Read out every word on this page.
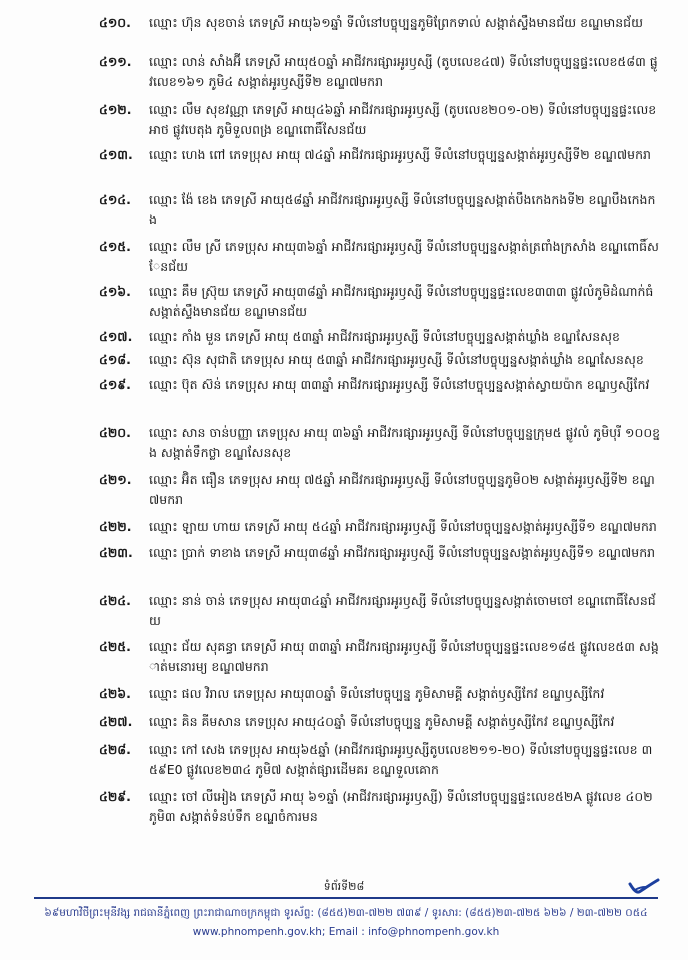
៤១០.	ឈ្មោះ ហ៊ុន សុខចាន់ ភេទស្រី អាយុ៦១ឆ្នាំ ទីលំនៅបច្ចុប្បន្នភូមិព្រែកទាល់ សង្កាត់ស្ទឹងមានជ័យ ខណ្ឌមានជ័យ
៤១១.	ឈ្មោះ លាន់ សាំងអ៊ី ភេទស្រី អាយុ៥០ឆ្នាំ អាជីវករផ្សារអូរឫស្សី (តូបលេខ៤៧) ទីលំនៅបច្ចុប្បន្នផ្ទះលេខ៥៨៣ ផ្លូវលេខ១៦១ ភូមិ៤ សង្កាត់អូរឫស្សីទី២ ខណ្ឌ៧មករា
៤១២.	ឈ្មោះ លឹម សុខវណ្ណា ភេទស្រី អាយុ៤៦ឆ្នាំ អាជីវករផ្សារអូរឫស្សី (តូបលេខ២០១-០២) ទីលំនៅបច្ចុប្បន្នផ្ទះលេខ អាថ ផ្លូវបេតុង ភូមិទួលពង្រ ខណ្ឌពោធិ៍សែនជ័យ
៤១៣.	ឈ្មោះ ហេង ពៅ ភេទប្រុស អាយុ ៧៤ឆ្នាំ អាជីវករផ្សារអូរឫស្សី ទីលំនៅបច្ចុប្បន្នសង្កាត់អូរឫស្សីទី២ ខណ្ឌ៧មករា
៤១៤.	ឈ្មោះ ង៉ែ ខេង ភេទស្រី អាយុ៥៨ឆ្នាំ អាជីវករផ្សារអូរឫស្សី ទីលំនៅបច្ចុប្បន្នសង្កាត់បឹងកេងកងទី២ ខណ្ឌបឹងកេងកង
៤១៥.	ឈ្មោះ លឹម ស្រី ភេទប្រុស អាយុ៣៦ឆ្នាំ អាជីវករផ្សារអូរឫស្សី ទីលំនៅបច្ចុប្បន្នសង្កាត់ត្រពាំងក្រសាំង ខណ្ឌពោធិ៍សែនជ័យ
៤១៦.	ឈ្មោះ គឹម ស្រ៊ុយ ភេទស្រី អាយុ៣៨ឆ្នាំ អាជីវករផ្សារអូរឫស្សី ទីលំនៅបច្ចុប្បន្នផ្ទះលេខ៣៣៣ ផ្លូវលំភូមិដំណាក់ធំ សង្កាត់ស្ទឹងមានជ័យ ខណ្ឌមានជ័យ
៤១៧.	ឈ្មោះ កាំង មួន ភេទស្រី អាយុ ៥៣ឆ្នាំ អាជីវករផ្សារអូរឫស្សី ទីលំនៅបច្ចុប្បន្នសង្កាត់ឃ្លាំង ខណ្ឌសែនសុខ
៤១៨.	ឈ្មោះ ស៊ុន សុជាតិ ភេទប្រុស អាយុ ៥៣ឆ្នាំ អាជីវករផ្សារអូរឫស្សី ទីលំនៅបច្ចុប្បន្នសង្កាត់ឃ្លាំង ខណ្ឌសែនសុខ
៤១៩.	ឈ្មោះ ប៊ុត ស៊ន់ ភេទប្រុស អាយុ ៣៣ឆ្នាំ អាជីវករផ្សារអូរឫស្សី ទីលំនៅបច្ចុប្បន្នសង្កាត់ស្វាយប៉ាក ខណ្ឌឫស្សីកែវ
៤២០.	ឈ្មោះ សាន ចាន់បញ្ញា ភេទប្រុស អាយុ ៣៦ឆ្នាំ អាជីវករផ្សារអូរឫស្សី ទីលំនៅបច្ចុប្បន្នក្រុម៥ ផ្លូវលំ ភូមិបុរី ១០០ខ្នង សង្កាត់ទឹកថ្លា ខណ្ឌសែនសុខ
៤២១.	ឈ្មោះ អ៊ិត ធឿន ភេទប្រុស អាយុ ៧៥ឆ្នាំ អាជីវករផ្សារអូរឫស្សី ទីលំនៅបច្ចុប្បន្នភូមិ០២ សង្កាត់អូរឫស្សីទី២ ខណ្ឌ៧មករា
៤២២.	ឈ្មោះ ឡាយ ហាយ ភេទស្រី អាយុ ៥៤ឆ្នាំ អាជីវករផ្សារអូរឫស្សី ទីលំនៅបច្ចុប្បន្នសង្កាត់អូរឫស្សីទី១ ខណ្ឌ៧មករា
៤២៣.	ឈ្មោះ ប្រាក់ ទាខាង ភេទស្រី អាយុ៣៨ឆ្នាំ អាជីវករផ្សារអូរឫស្សី ទីលំនៅបច្ចុប្បន្នសង្កាត់អូរឫស្សីទី១ ខណ្ឌ៧មករា
៤២៤.	ឈ្មោះ នាន់ ចាន់ ភេទប្រុស អាយុ៣៤ឆ្នាំ អាជីវករផ្សារអូរឫស្សី ទីលំនៅបច្ចុប្បន្នសង្កាត់ចោមចៅ ខណ្ឌពោធិ៍សែនជ័យ
៤២៥.	ឈ្មោះ ជ័យ សុគន្ធា ភេទស្រី អាយុ ៣៣ឆ្នាំ អាជីវករផ្សារអូរឫស្សី ទីលំនៅបច្ចុប្បន្នផ្ទះលេខ១៨៥ ផ្លូវលេខ៥៣ សង្កាត់មនោរម្យ ខណ្ឌ៧មករា
៤២៦.	ឈ្មោះ ផល វិរាល ភេទប្រុស អាយុ៣០ឆ្នាំ ទីលំនៅបច្ចុប្បន្ន ភូមិសាមគ្គី សង្កាត់ឫស្សីកែវ ខណ្ឌឫស្សីកែវ
៤២៧.	ឈ្មោះ គិន គីមសាន ភេទប្រុស អាយុ៤០ឆ្នាំ ទីលំនៅបច្ចុប្បន្ន ភូមិសាមគ្គី សង្កាត់ឫស្សីកែវ ខណ្ឌឫស្សីកែវ
៤២៨.	ឈ្មោះ កៅ សេង ភេទប្រុស អាយុ៦៥ឆ្នាំ (អាជីវករផ្សារអូរឫស្សីតូបលេខ២១១-២០) ទីលំនៅបច្ចុប្បន្នផ្ទះលេខ ៣៥៩E0 ផ្លូវលេខ២៣៤ ភូមិ៧ សង្កាត់ផ្សារដើមគរ ខណ្ឌទួលគោក
៤២៩.	ឈ្មោះ ចៅ លីអៀង ភេទស្រី អាយុ ៦១ឆ្នាំ (អាជីវករផ្សារអូរឫស្សី) ទីលំនៅបច្ចុប្បន្នផ្ទះលេខ៥២A ផ្លូវលេខ ៤០២ ភូមិ៣ សង្កាត់ទំនប់ទឹក ខណ្ឌចំការមន
ទំព័រទី២៨
៦៩មហាវិថីព្រះមុនីវង្ស រាជធានីភ្នំពេញ ព្រះរាជាណាចក្រកម្ពុជា ទូរស័ព្ទ: (៨៥៥)២៣-៧២២ ៧៣៩ / ទូរសារ: (៨៥៥)២៣-៧២៥ ៦២៦ / ២៣-៧២២ ០៥៤
www.phnompenh.gov.kh; Email : info@phnompenh.gov.kh
